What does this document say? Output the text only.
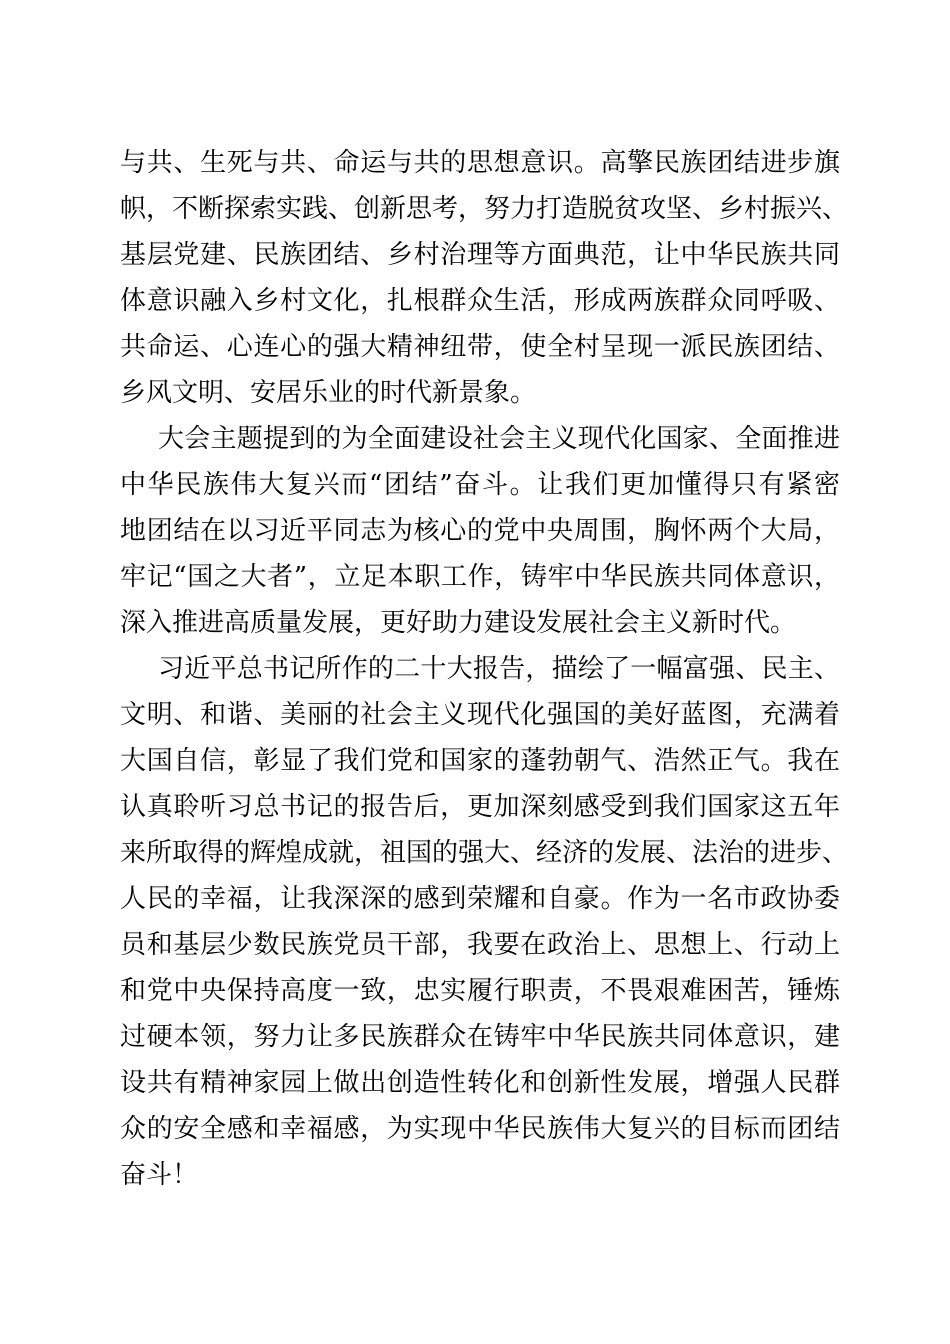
与共、生死与共、命运与共的思想意识。高擎民族团结进步旗
帜，不断探索实践、创新思考，努力打造脱贫攻坚、乡村振兴、
基层党建、民族团结、乡村治理等方面典范，让中华民族共同
体意识融入乡村文化，扎根群众生活，形成两族群众同呼吸、
共命运、心连心的强大精神纽带，使全村呈现一派民族团结、
乡风文明、安居乐业的时代新景象。
大会主题提到的为全面建设社会主义现代化国家、全面推进
中华民族伟大复兴而“团结”奋斗。让我们更加懂得只有紧密
地团结在以习近平同志为核心的党中央周围，胸怀两个大局，
牢记“国之大者”，立足本职工作，铸牢中华民族共同体意识，
深入推进高质量发展，更好助力建设发展社会主义新时代。
习近平总书记所作的二十大报告，描绘了一幅富强、民主、
文明、和谐、美丽的社会主义现代化强国的美好蓝图，充满着
大国自信，彰显了我们党和国家的蓬勃朝气、浩然正气。我在
认真聆听习总书记的报告后，更加深刻感受到我们国家这五年
来所取得的辉煌成就，祖国的强大、经济的发展、法治的进步、
人民的幸福，让我深深的感到荣耀和自豪。作为一名市政协委
员和基层少数民族党员干部，我要在政治上、思想上、行动上
和党中央保持高度一致，忠实履行职责，不畏艰难困苦，锤炼
过硬本领，努力让多民族群众在铸牢中华民族共同体意识，建
设共有精神家园上做出创造性转化和创新性发展，增强人民群
众的安全感和幸福感，为实现中华民族伟大复兴的目标而团结
奋斗！
